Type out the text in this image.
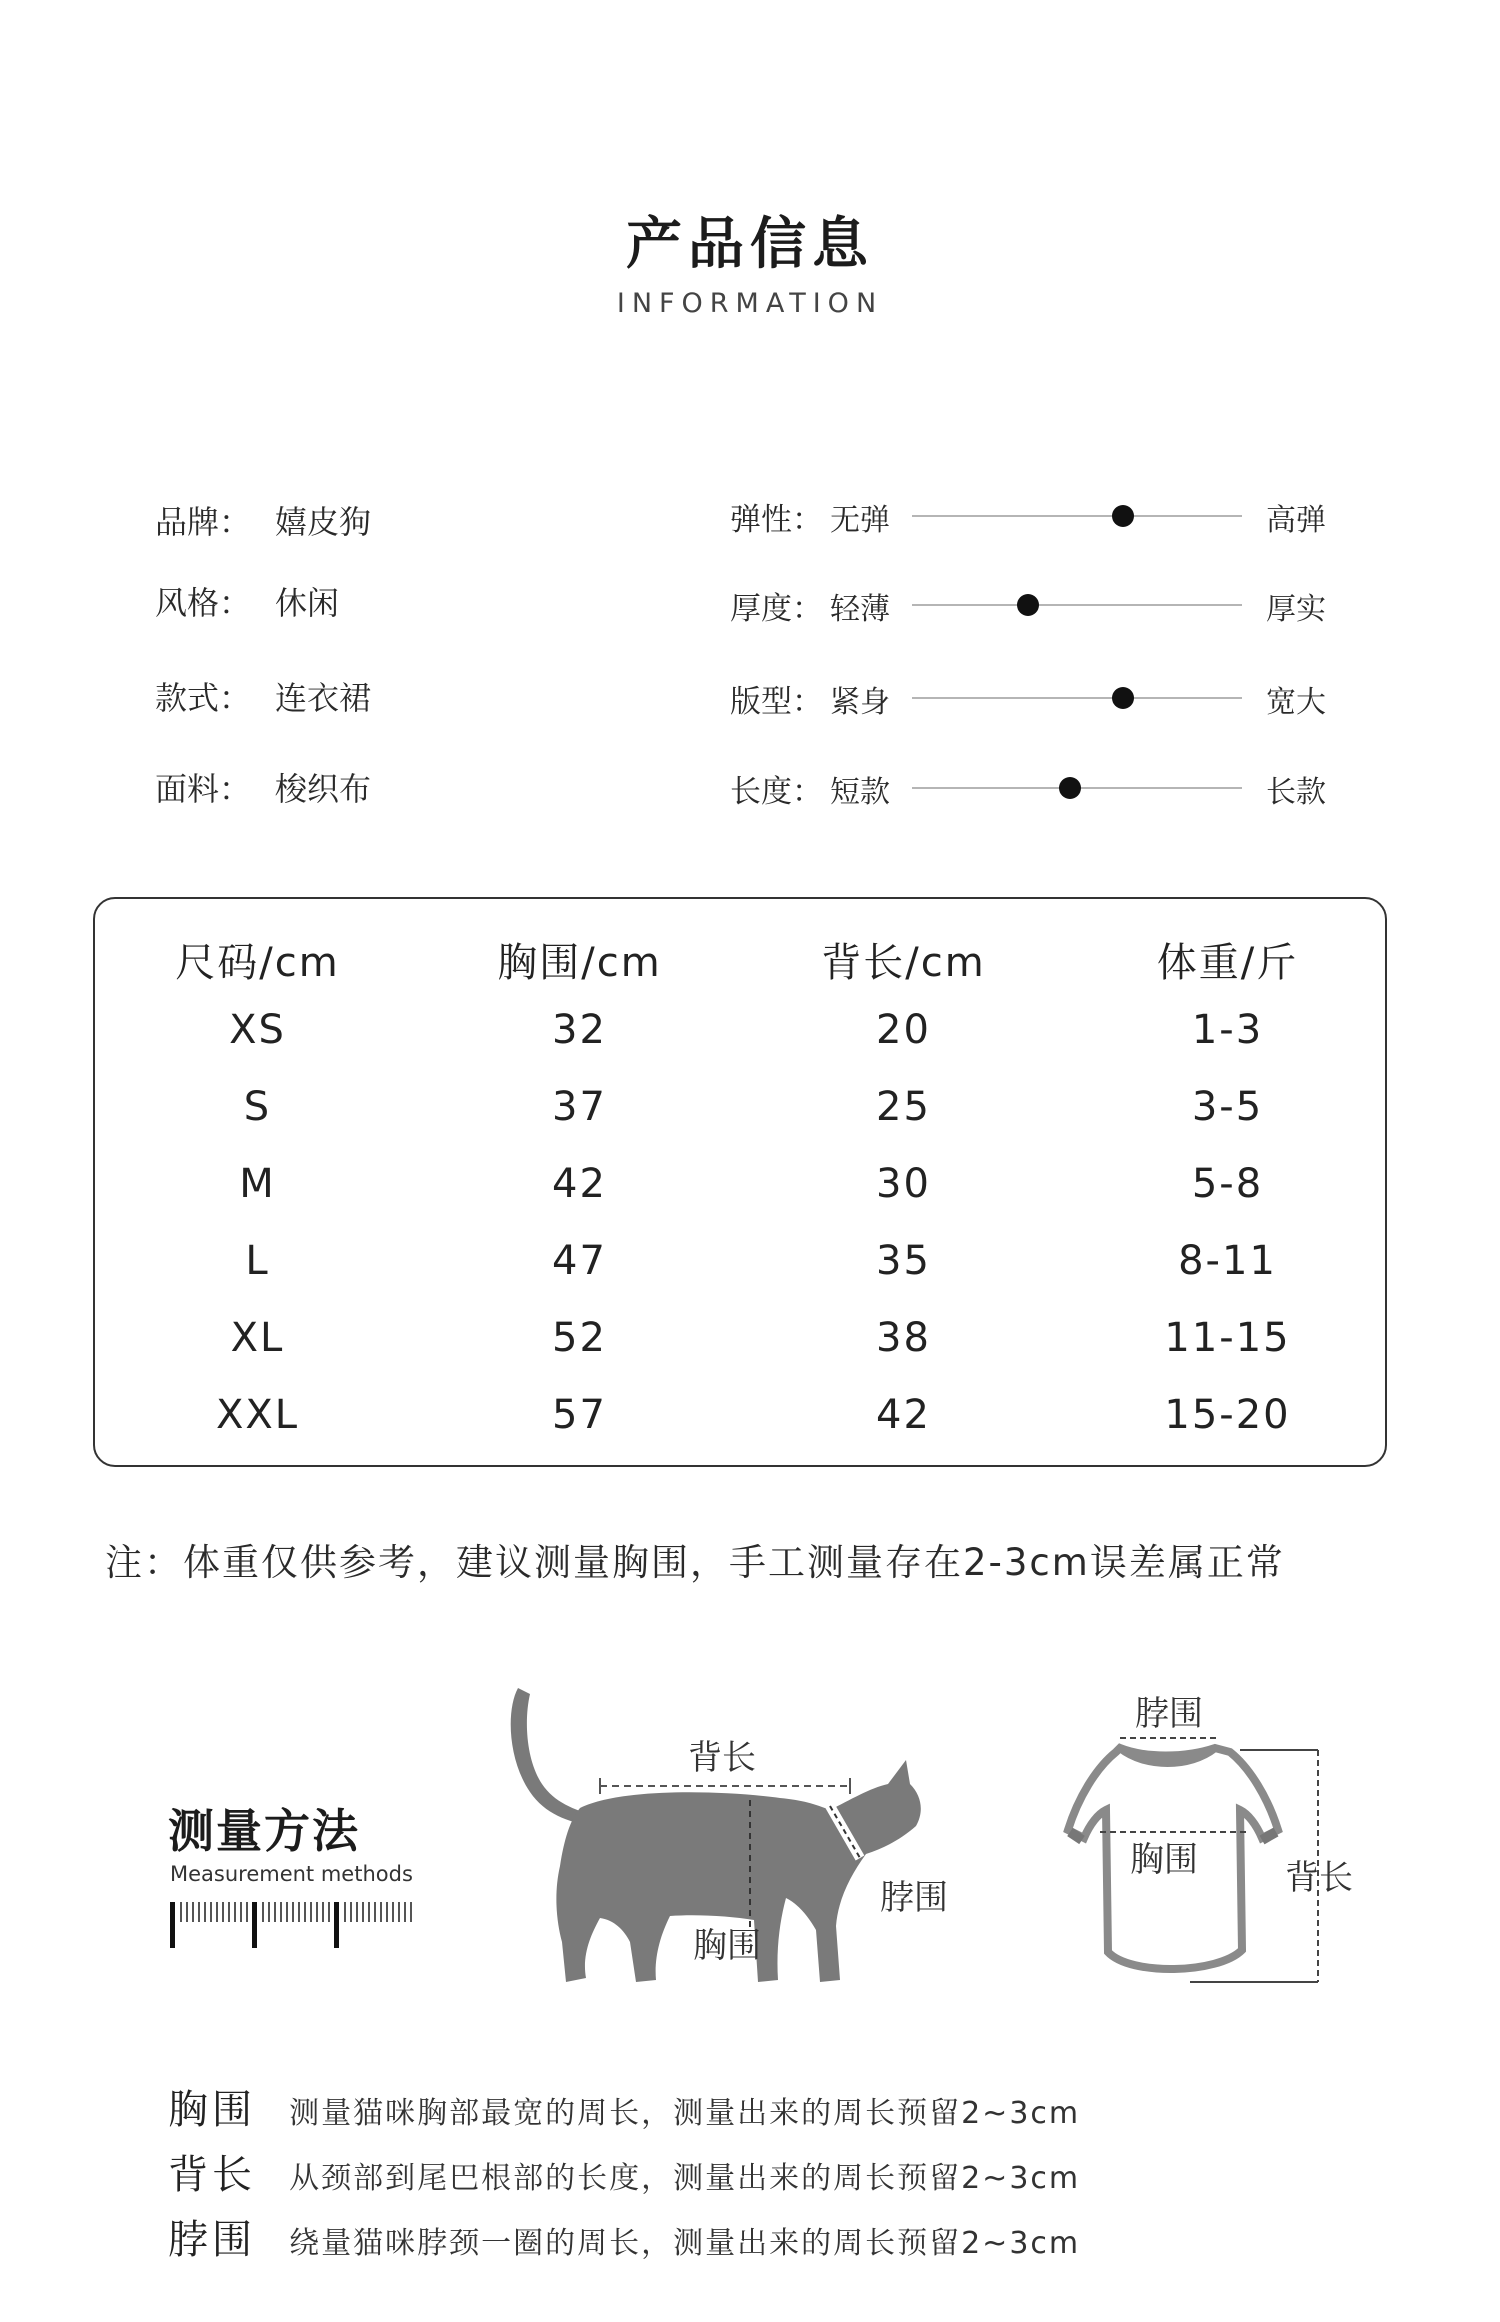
产品信息
INFORMATION
品牌： 嬉皮狗
风格： 休闲
款式： 连衣裙
面料： 梭织布
弹性： 无弹	高弹
厚度： 轻薄	厚实
版型： 紧身	宽大
长度： 短款	长款
尺码/cm	胸围/cm	背长/cm	体重/斤
XS	32	20	1-3
S	37	25	3-5
M	42	30	5-8
L	47	35	8-11
XL	52	38	11-15
XXL	57	42	15-20
注：体重仅供参考，建议测量胸围，手工测量存在2-3cm误差属正常
测量方法
Measurement methods
背长
脖围
胸围
脖围
胸围	背长
胸围 测量猫咪胸部最宽的周长，测量出来的周长预留2~3cm
背长 从颈部到尾巴根部的长度，测量出来的周长预留2~3cm
脖围 绕量猫咪脖颈一圈的周长，测量出来的周长预留2~3cm
